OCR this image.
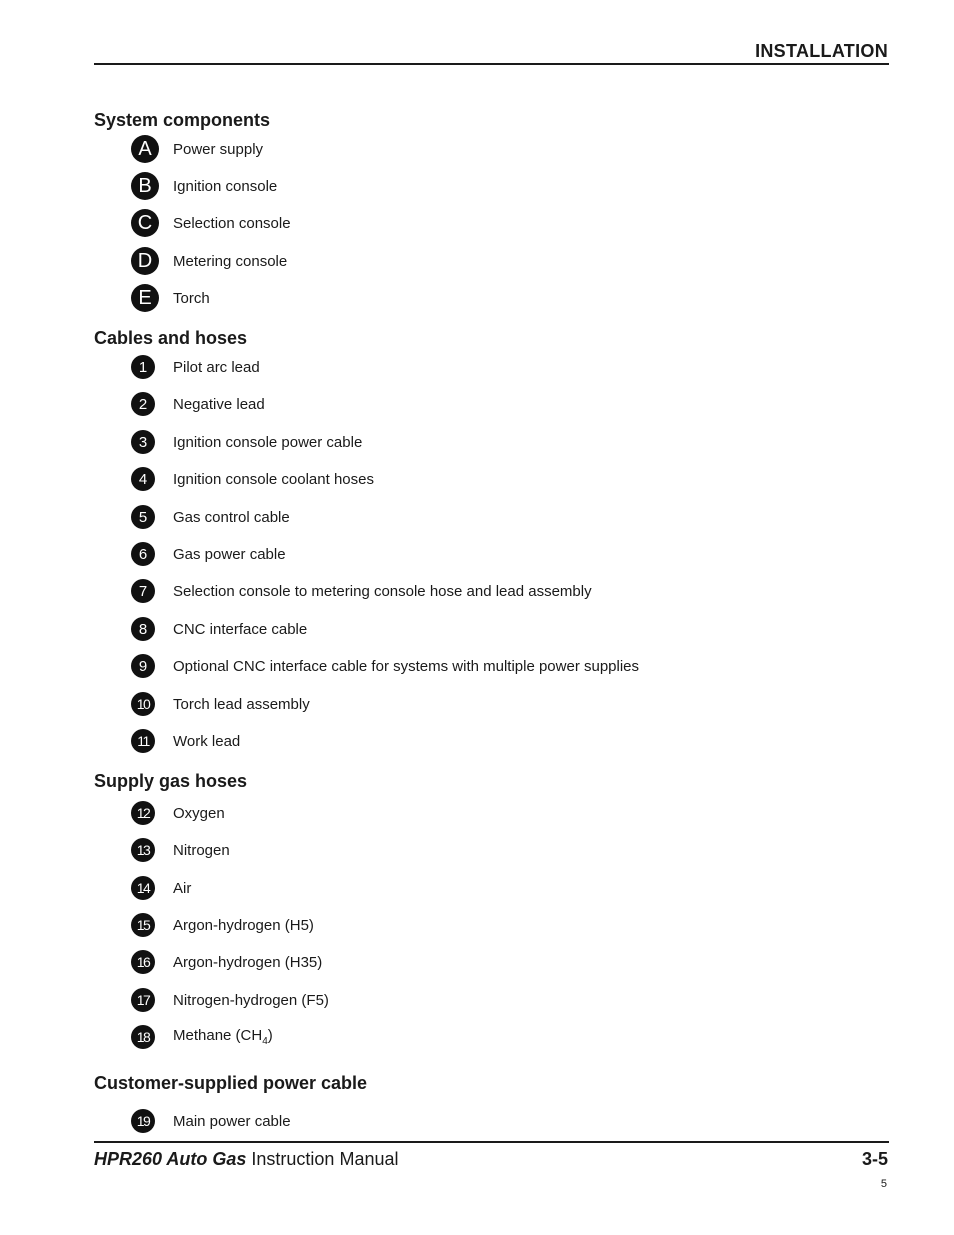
INSTALLATION
System components
A	Power supply
B	Ignition console
C	Selection console
D	Metering console
E	Torch
Cables and hoses
1	Pilot arc lead
2	Negative lead
3	Ignition console power cable
4	Ignition console coolant hoses
5	Gas control cable
6	Gas power cable
7	Selection console to metering console hose and lead assembly
8	CNC interface cable
9	Optional CNC interface cable for systems with multiple power supplies
10	Torch lead assembly
11	Work lead
Supply gas hoses
12	Oxygen
13	Nitrogen
14	Air
15	Argon-hydrogen (H5)
16	Argon-hydrogen (H35)
17	Nitrogen-hydrogen (F5)
18	Methane $(CH_4)$
Customer-supplied power cable
19	Main power cable
HPR260 Auto Gas Instruction Manual	3-5
5
